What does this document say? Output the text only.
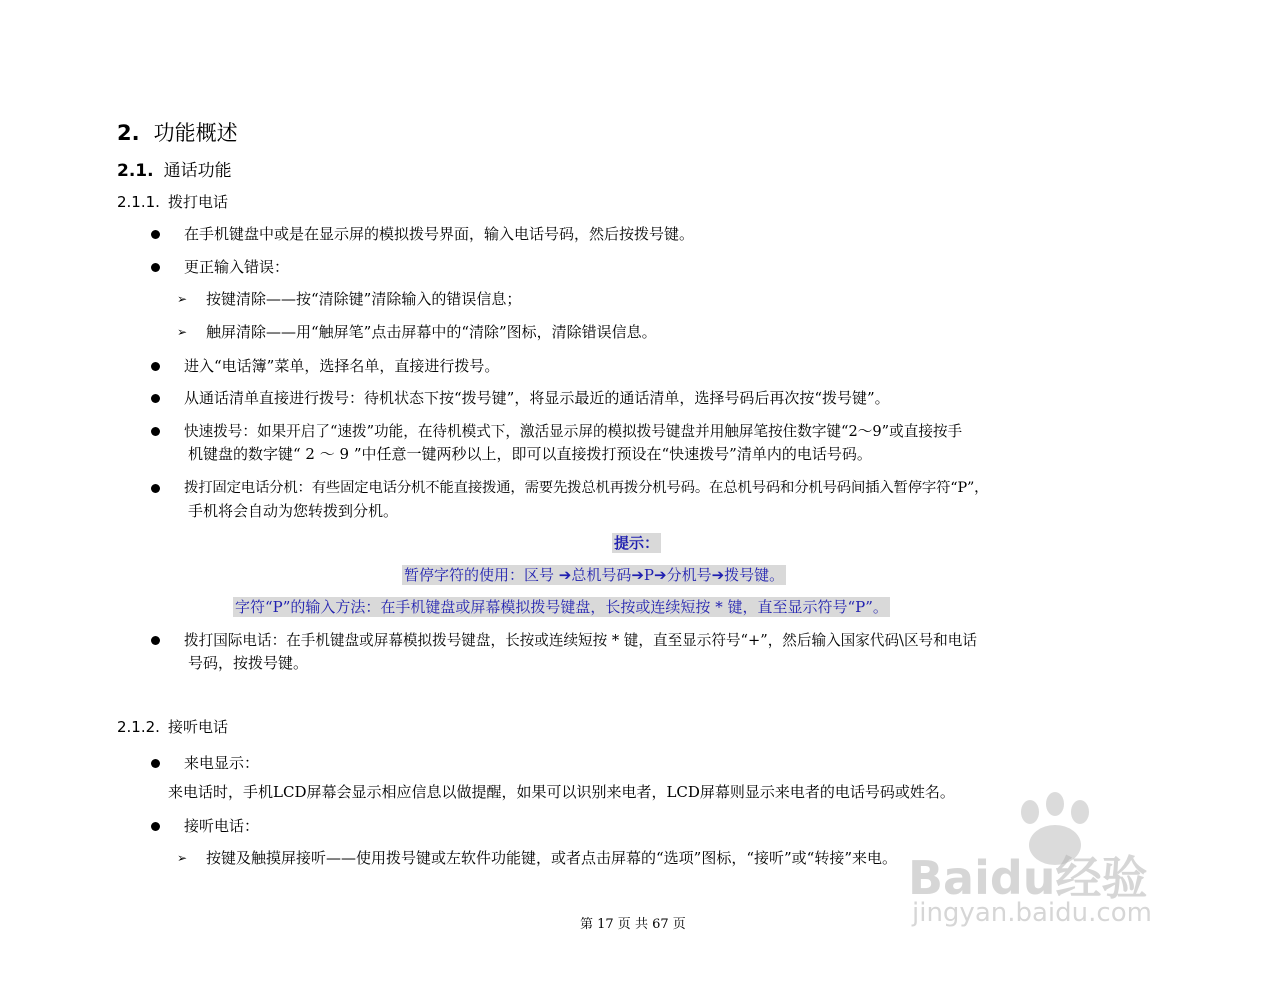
2. 功能概述
2.1. 通话功能
2.1.1. 拨打电话
在手机键盘中或是在显示屏的模拟拨号界面，输入电话号码，然后按拨号键。
更正输入错误：
➢ 按键清除——按“清除键”清除输入的错误信息；
➢ 触屏清除——用“触屏笔”点击屏幕中的“清除”图标，清除错误信息。
进入“电话簿”菜单，选择名单，直接进行拨号。
从通话清单直接进行拨号：待机状态下按“拨号键”，将显示最近的通话清单，选择号码后再次按“拨号键”。
快速拨号：如果开启了“速拨”功能，在待机模式下，激活显示屏的模拟拨号键盘并用触屏笔按住数字键“2～9”或直接按手
机键盘的数字键“ 2 ～ 9 ”中任意一键两秒以上，即可以直接拨打预设在“快速拨号”清单内的电话号码。
拨打固定电话分机：有些固定电话分机不能直接拨通，需要先拨总机再拨分机号码。在总机号码和分机号码间插入暂停字符“P”，
手机将会自动为您转拨到分机。
提示：
暂停字符的使用：区号 ➔总机号码➔P➔分机号➔拨号键。
字符“P”的输入方法：在手机键盘或屏幕模拟拨号键盘，长按或连续短按 * 键，直至显示符号“P”。
拨打国际电话：在手机键盘或屏幕模拟拨号键盘，长按或连续短按 * 键，直至显示符号“+”，然后输入国家代码\区号和电话
号码，按拨号键。
2.1.2. 接听电话
来电显示：
来电话时，手机LCD屏幕会显示相应信息以做提醒，如果可以识别来电者，LCD屏幕则显示来电者的电话号码或姓名。
接听电话：
➢ 按键及触摸屏接听——使用拨号键或左软件功能键，或者点击屏幕的“选项”图标，“接听”或“转接”来电。 Baidu经验
jingyan.baidu.com
第 17 页 共 67 页
